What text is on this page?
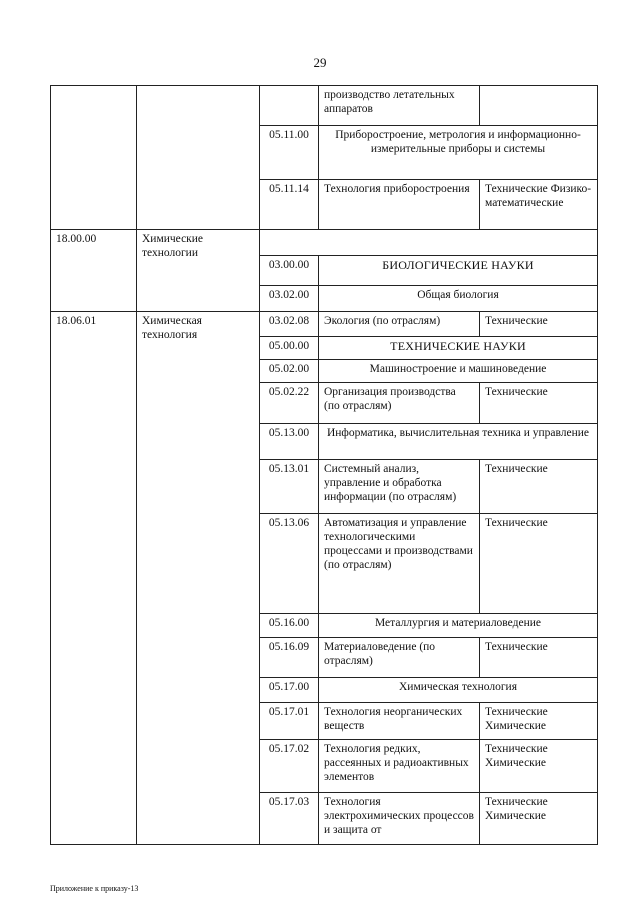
29
			производство летательных аппаратов	
		05.11.00	Приборостроение, метрология и информационно-измерительные приборы и системы	
		05.11.14	Технология приборостроения	Технические Физико-математические
18.00.00	Химические технологии			
		03.00.00	БИОЛОГИЧЕСКИЕ НАУКИ	
		03.02.00	Общая биология	
18.06.01	Химическая технология	03.02.08	Экология (по отраслям)	Технические
		05.00.00	ТЕХНИЧЕСКИЕ НАУКИ	
		05.02.00	Машиностроение и машиноведение	
		05.02.22	Организация производства (по отраслям)	Технические
		05.13.00	Информатика, вычислительная техника и управление	
		05.13.01	Системный анализ, управление и обработка информации (по отраслям)	Технические
		05.13.06	Автоматизация и управление технологическими процессами и производствами (по отраслям)	Технические
		05.16.00	Металлургия и материаловедение	
		05.16.09	Материаловедение (по отраслям)	Технические
		05.17.00	Химическая технология	
		05.17.01	Технология неорганических веществ	Технические Химические
		05.17.02	Технология редких, рассеянных и радиоактивных элементов	Технические Химические
		05.17.03	Технология электрохимических процессов и защита от	Технические Химические
Приложение к приказу-13
